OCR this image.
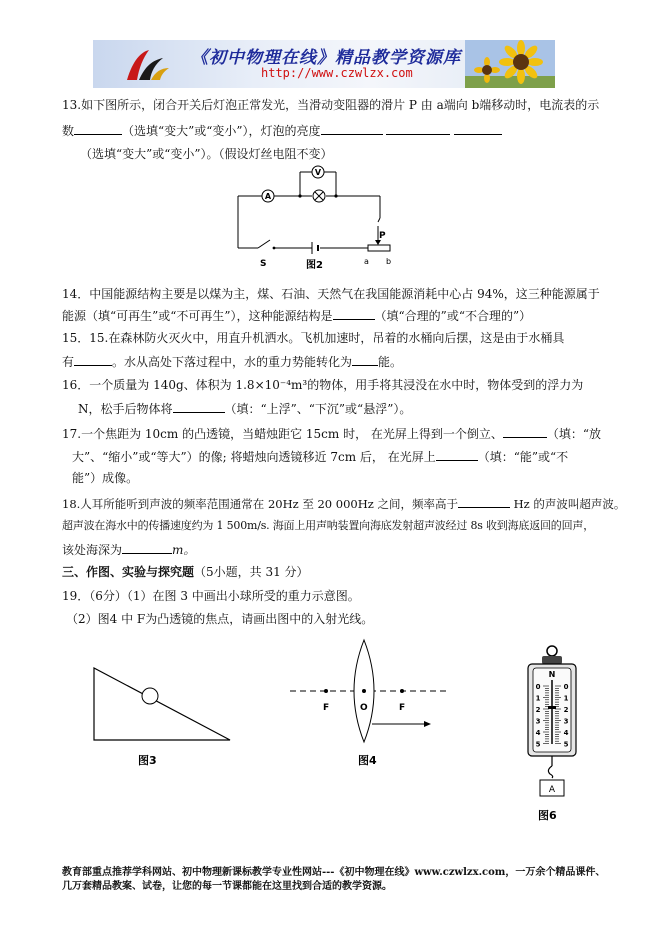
《初中物理在线》精品教学资源库
http://www.czwlzx.com
13.如下图所示，闭合开关后灯泡正常发光，当滑动变阻器的滑片 P 由 a端向 b端移动时，电流表的示
数	（选填“变大”或“变小”），灯泡的亮度
（选填“变大”或“变小”）。（假设灯丝电阻不变）
A
V
P
S	图2	a b
14．中国能源结构主要是以煤为主，煤、石油、天然气在我国能源消耗中心占 94%，这三种能源属于
能源（填“可再生”或“不可再生”），这种能源结构是	（填“合理的”或“不合理的”）
15．15.在森林防火灭火中，用直升机洒水。飞机加速时，吊着的水桶向后摆，这是由于水桶具
有	。水从高处下落过程中，水的重力势能转化为 能。
16．一个质量为 140g、体积为 1.8×10⁻⁴m³的物体，用手将其浸没在水中时，物体受到的浮力为
N，松手后物体将	（填：“上浮”、“下沉”或“悬浮”）。
17.一个焦距为 10cm 的凸透镜，当蜡烛距它 15cm 时， 在光屏上得到一个倒立、	（填：“放
大”、“缩小”或“等大”）的像; 将蜡烛向透镜移近 7cm 后， 在光屏上	（填：“能”或“不
能”）成像。
18.人耳所能听到声波的频率范围通常在 20Hz 至 20 000Hz 之间，频率高于	Hz 的声波叫超声波。
超声波在海水中的传播速度约为 1 500m/s. 海面上用声呐装置向海底发射超声波经过 8s 收到海底返回的回声，
该处海深为	m。
三、作图、实验与探究题（5小题，共 31 分）
19．（6分）（1）在图 3 中画出小球所受的重力示意图。
（2）图4 中 F为凸透镜的焦点，请画出图中的入射光线。
图3
F	O	F
图4
N
0
1
2
3
4
5
0
1
2
3
4
5
A
图6
教育部重点推荐学科网站、初中物理新课标教学专业性网站---《初中物理在线》www.czwlzx.com，一万余个精品课件、
几万套精品教案、试卷，让您的每一节课都能在这里找到合适的教学资源。
